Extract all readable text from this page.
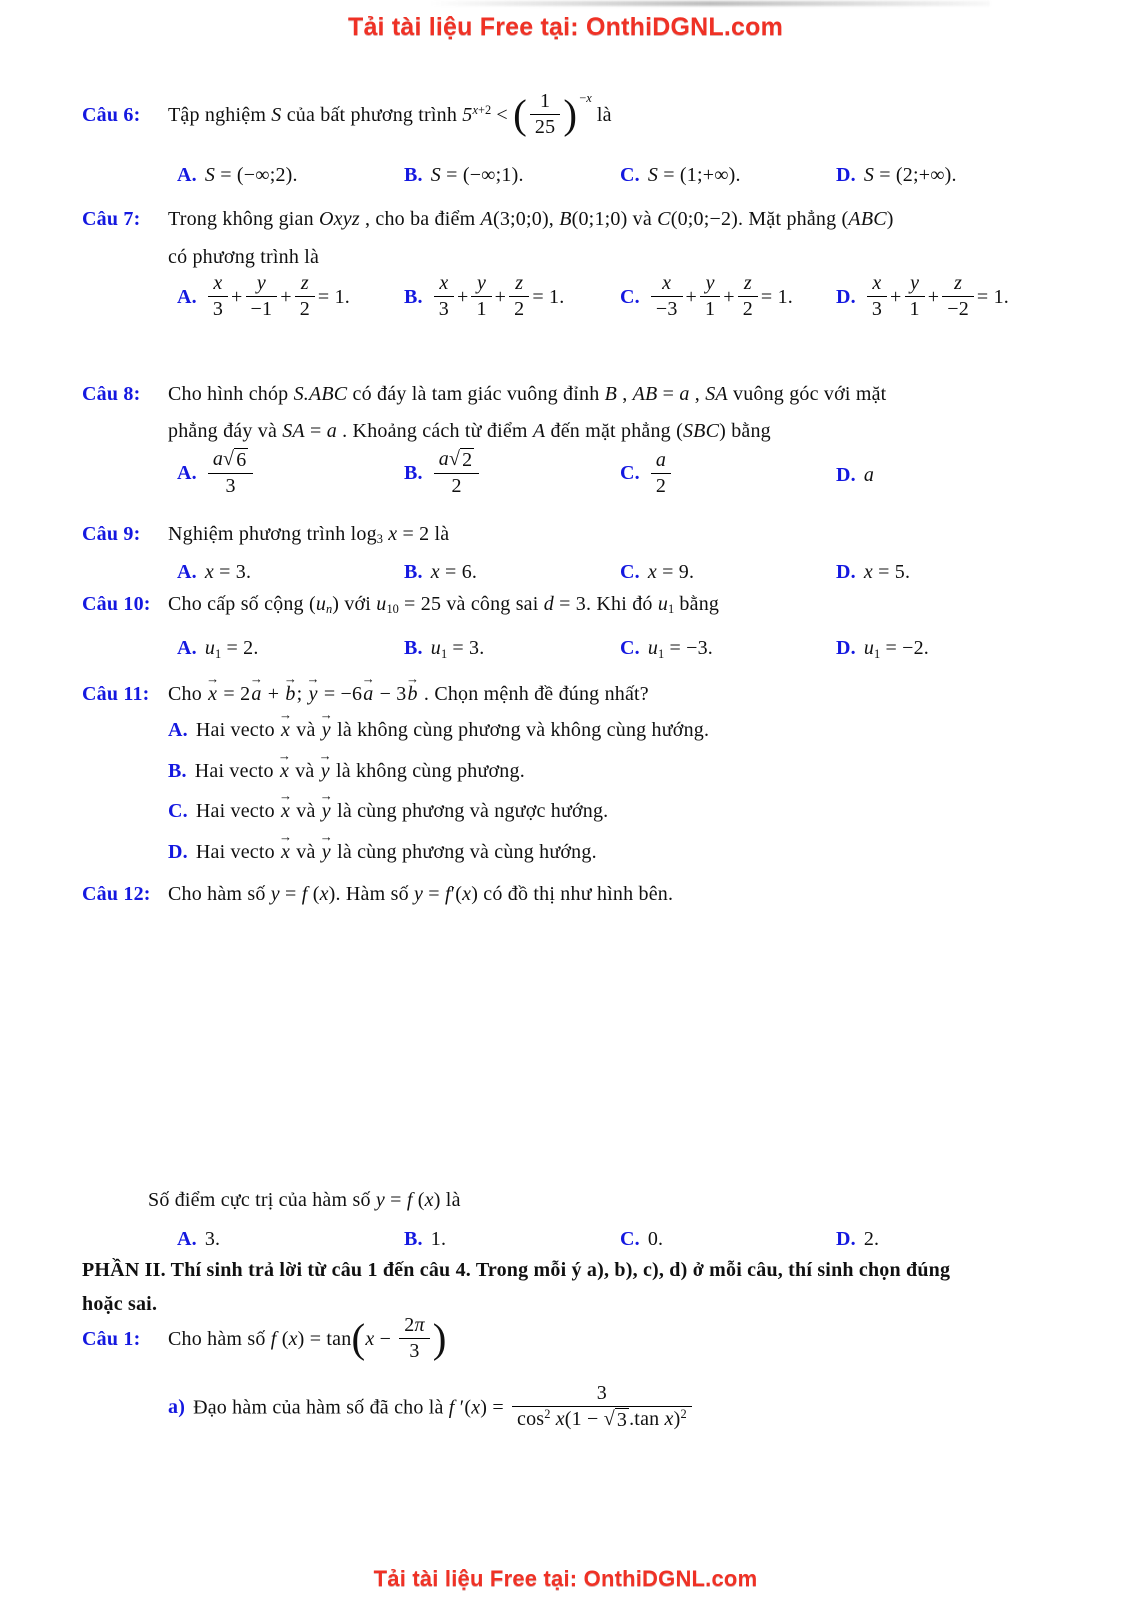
Tải tài liệu Free tại: OnthiDGNL.com
Câu 6:	Tập nghiệm S của bất phương trình $5^{x+2}$ < ( $\frac{1}{25}$ ) $^{-x}$ là
A. S = (−∞;2).	B. S = (−∞;1).	C. S = (1;+∞).	D. S = (2;+∞).
Câu 7:	Trong không gian Oxyz , cho ba điểm A(3;0;0), B(0;1;0) và C(0;0;−2). Mặt phẳng (ABC)
có phương trình là
A. $\frac{x}{3} + \frac{y}{-1} + \frac{z}{2} = 1$.	B. $\frac{x}{3} + \frac{y}{1} + \frac{z}{2} = 1$.	C. $\frac{x}{-3} + \frac{y}{1} + \frac{z}{2} = 1$. D. $\frac{x}{3} + \frac{y}{1} + \frac{z}{-2} = 1$.
Câu 8:	Cho hình chóp S.ABC có đáy là tam giác vuông đỉnh B , AB = a , SA vuông góc với mặt
phẳng đáy và SA = a . Khoảng cách từ điểm A đến mặt phẳng (SBC) bằng
A. $\frac{a √ 6}{3}$	B. $\frac{a √ 2}{2}$	C. $\frac{a}{2}$	D. a
Câu 9:	Nghiệm phương trình log3 x = 2 là
A. x = 3.	B. x = 6.	C. x = 9.	D. x = 5.
Câu 10: Cho cấp số cộng (un) với u10 = 25 và công sai d = 3. Khi đó u1 bằng
A. u1 = 2.	B. u1 = 3.	C. u1 = −3.	D. u1 = −2.
Câu 11: Cho
→
x = 2
→
a +
→
b;
→
y = −6
→
a − 3
→
b . Chọn mệnh đề đúng nhất?
A. Hai vecto
→
x và
→
y là không cùng phương và không cùng hướng.
B. Hai vecto
→
x và
→
y là không cùng phương.
C. Hai vecto
→
x và
→
y là cùng phương và ngược hướng.
D. Hai vecto
→
x và
→
y là cùng phương và cùng hướng.
Câu 12: Cho hàm số y = f (x). Hàm số y = f′(x) có đồ thị như hình bên.
Số điểm cực trị của hàm số y = f (x) là
A. 3.	B. 1.	C. 0.	D. 2.
PHẦN II. Thí sinh trả lời từ câu 1 đến câu 4. Trong mỗi ý a), b), c), d) ở mỗi câu, thí sinh chọn đúng
hoặc sai.
Câu 1:	Cho hàm số f $(x) = \tan(x - \frac{2\pi}{3}$ )
a) Đạo hàm của hàm số đã cho là f $'(x) = \frac{3}{\cos^2 x(1 - √ 3 .\tan x)^2}$
Tải tài liệu Free tại: OnthiDGNL.com
